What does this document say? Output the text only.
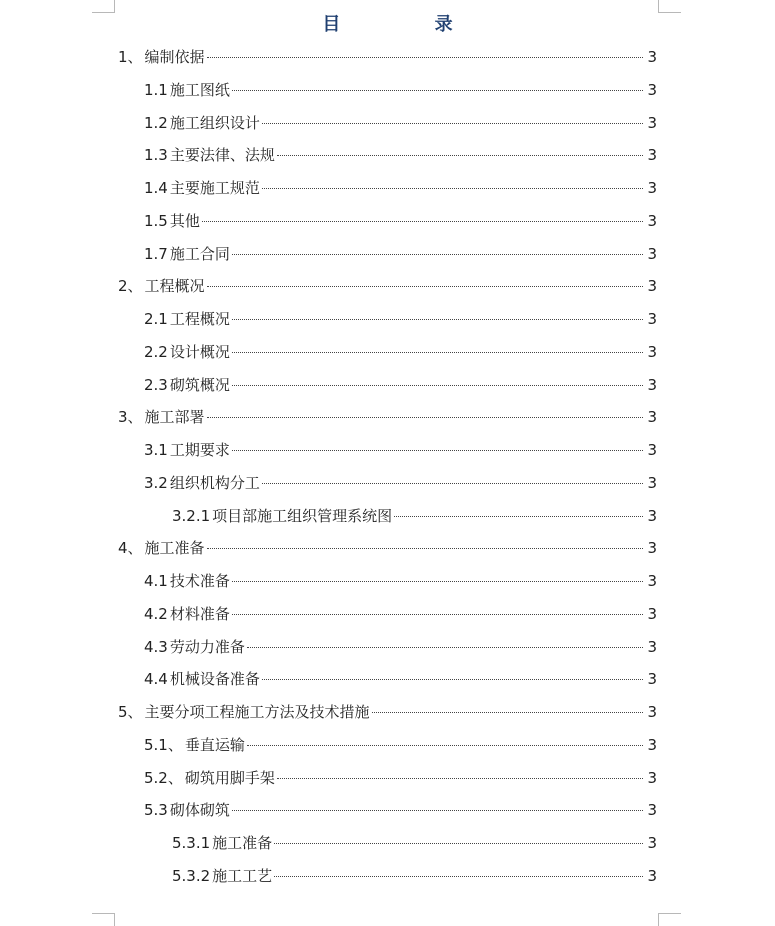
目 录
1、 编制依据	3
1.1 施工图纸	3
1.2 施工组织设计	3
1.3 主要法律、法规	3
1.4 主要施工规范	3
1.5 其他	3
1.7 施工合同	3
2、 工程概况	3
2.1 工程概况	3
2.2 设计概况	3
2.3 砌筑概况	3
3、 施工部署	3
3.1 工期要求	3
3.2 组织机构分工	3
3.2.1 项目部施工组织管理系统图	3
4、 施工准备	3
4.1 技术准备	3
4.2 材料准备	3
4.3 劳动力准备	3
4.4 机械设备准备	3
5、 主要分项工程施工方法及技术措施	3
5.1、 垂直运输	3
5.2、 砌筑用脚手架	3
5.3 砌体砌筑	3
5.3.1 施工准备	3
5.3.2 施工工艺	3
